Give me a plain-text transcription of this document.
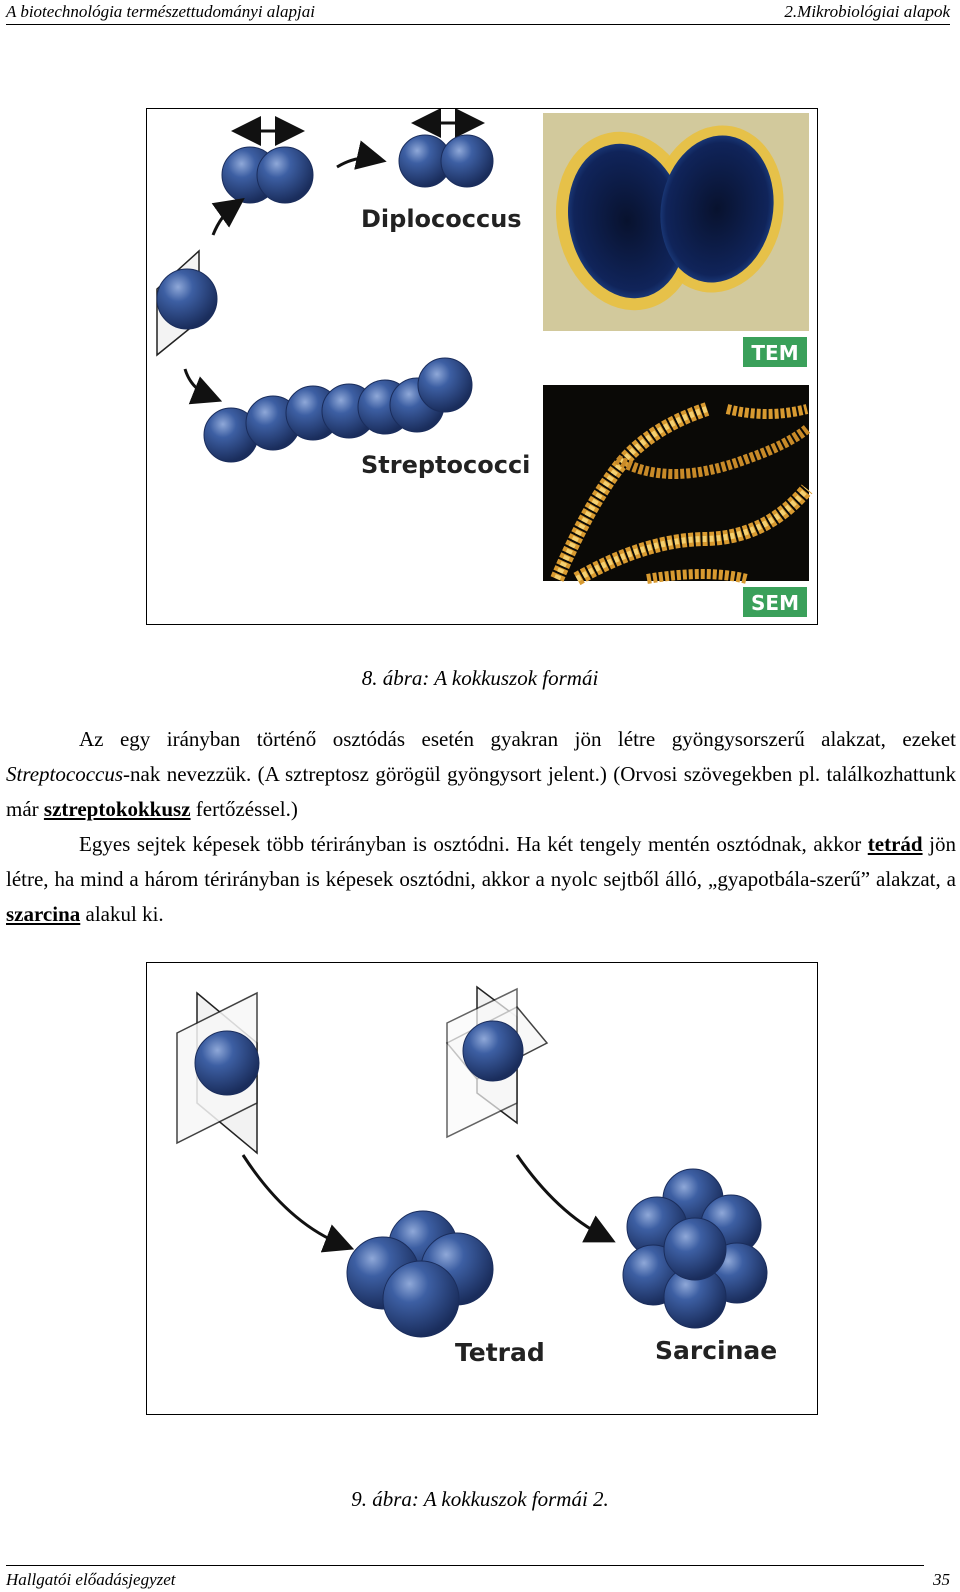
A biotechnológia természettudományi alapjai	2.Mikrobiológiai alapok
Diplococcus
Streptococci
TEM
SEM
8. ábra: A kokkuszok formái

Az egy irányban történő osztódás esetén gyakran jön létre gyöngysorszerű alakzat, ezeket Streptococcus-nak nevezzük. (A sztreptosz görögül gyöngysort jelent.) (Orvosi szövegekben pl. találkozhattunk már sztreptokokkusz fertőzéssel.)

Egyes sejtek képesek több térirányban is osztódni. Ha két tengely mentén osztódnak, akkor tetrád jön létre, ha mind a három térirányban is képesek osztódni, akkor a nyolc sejtből álló, „gyapotbála-szerű” alakzat, a szarcina alakul ki.

Tetrad	Sarcinae
9. ábra: A kokkuszok formái 2.
Hallgatói előadásjegyzet	35
